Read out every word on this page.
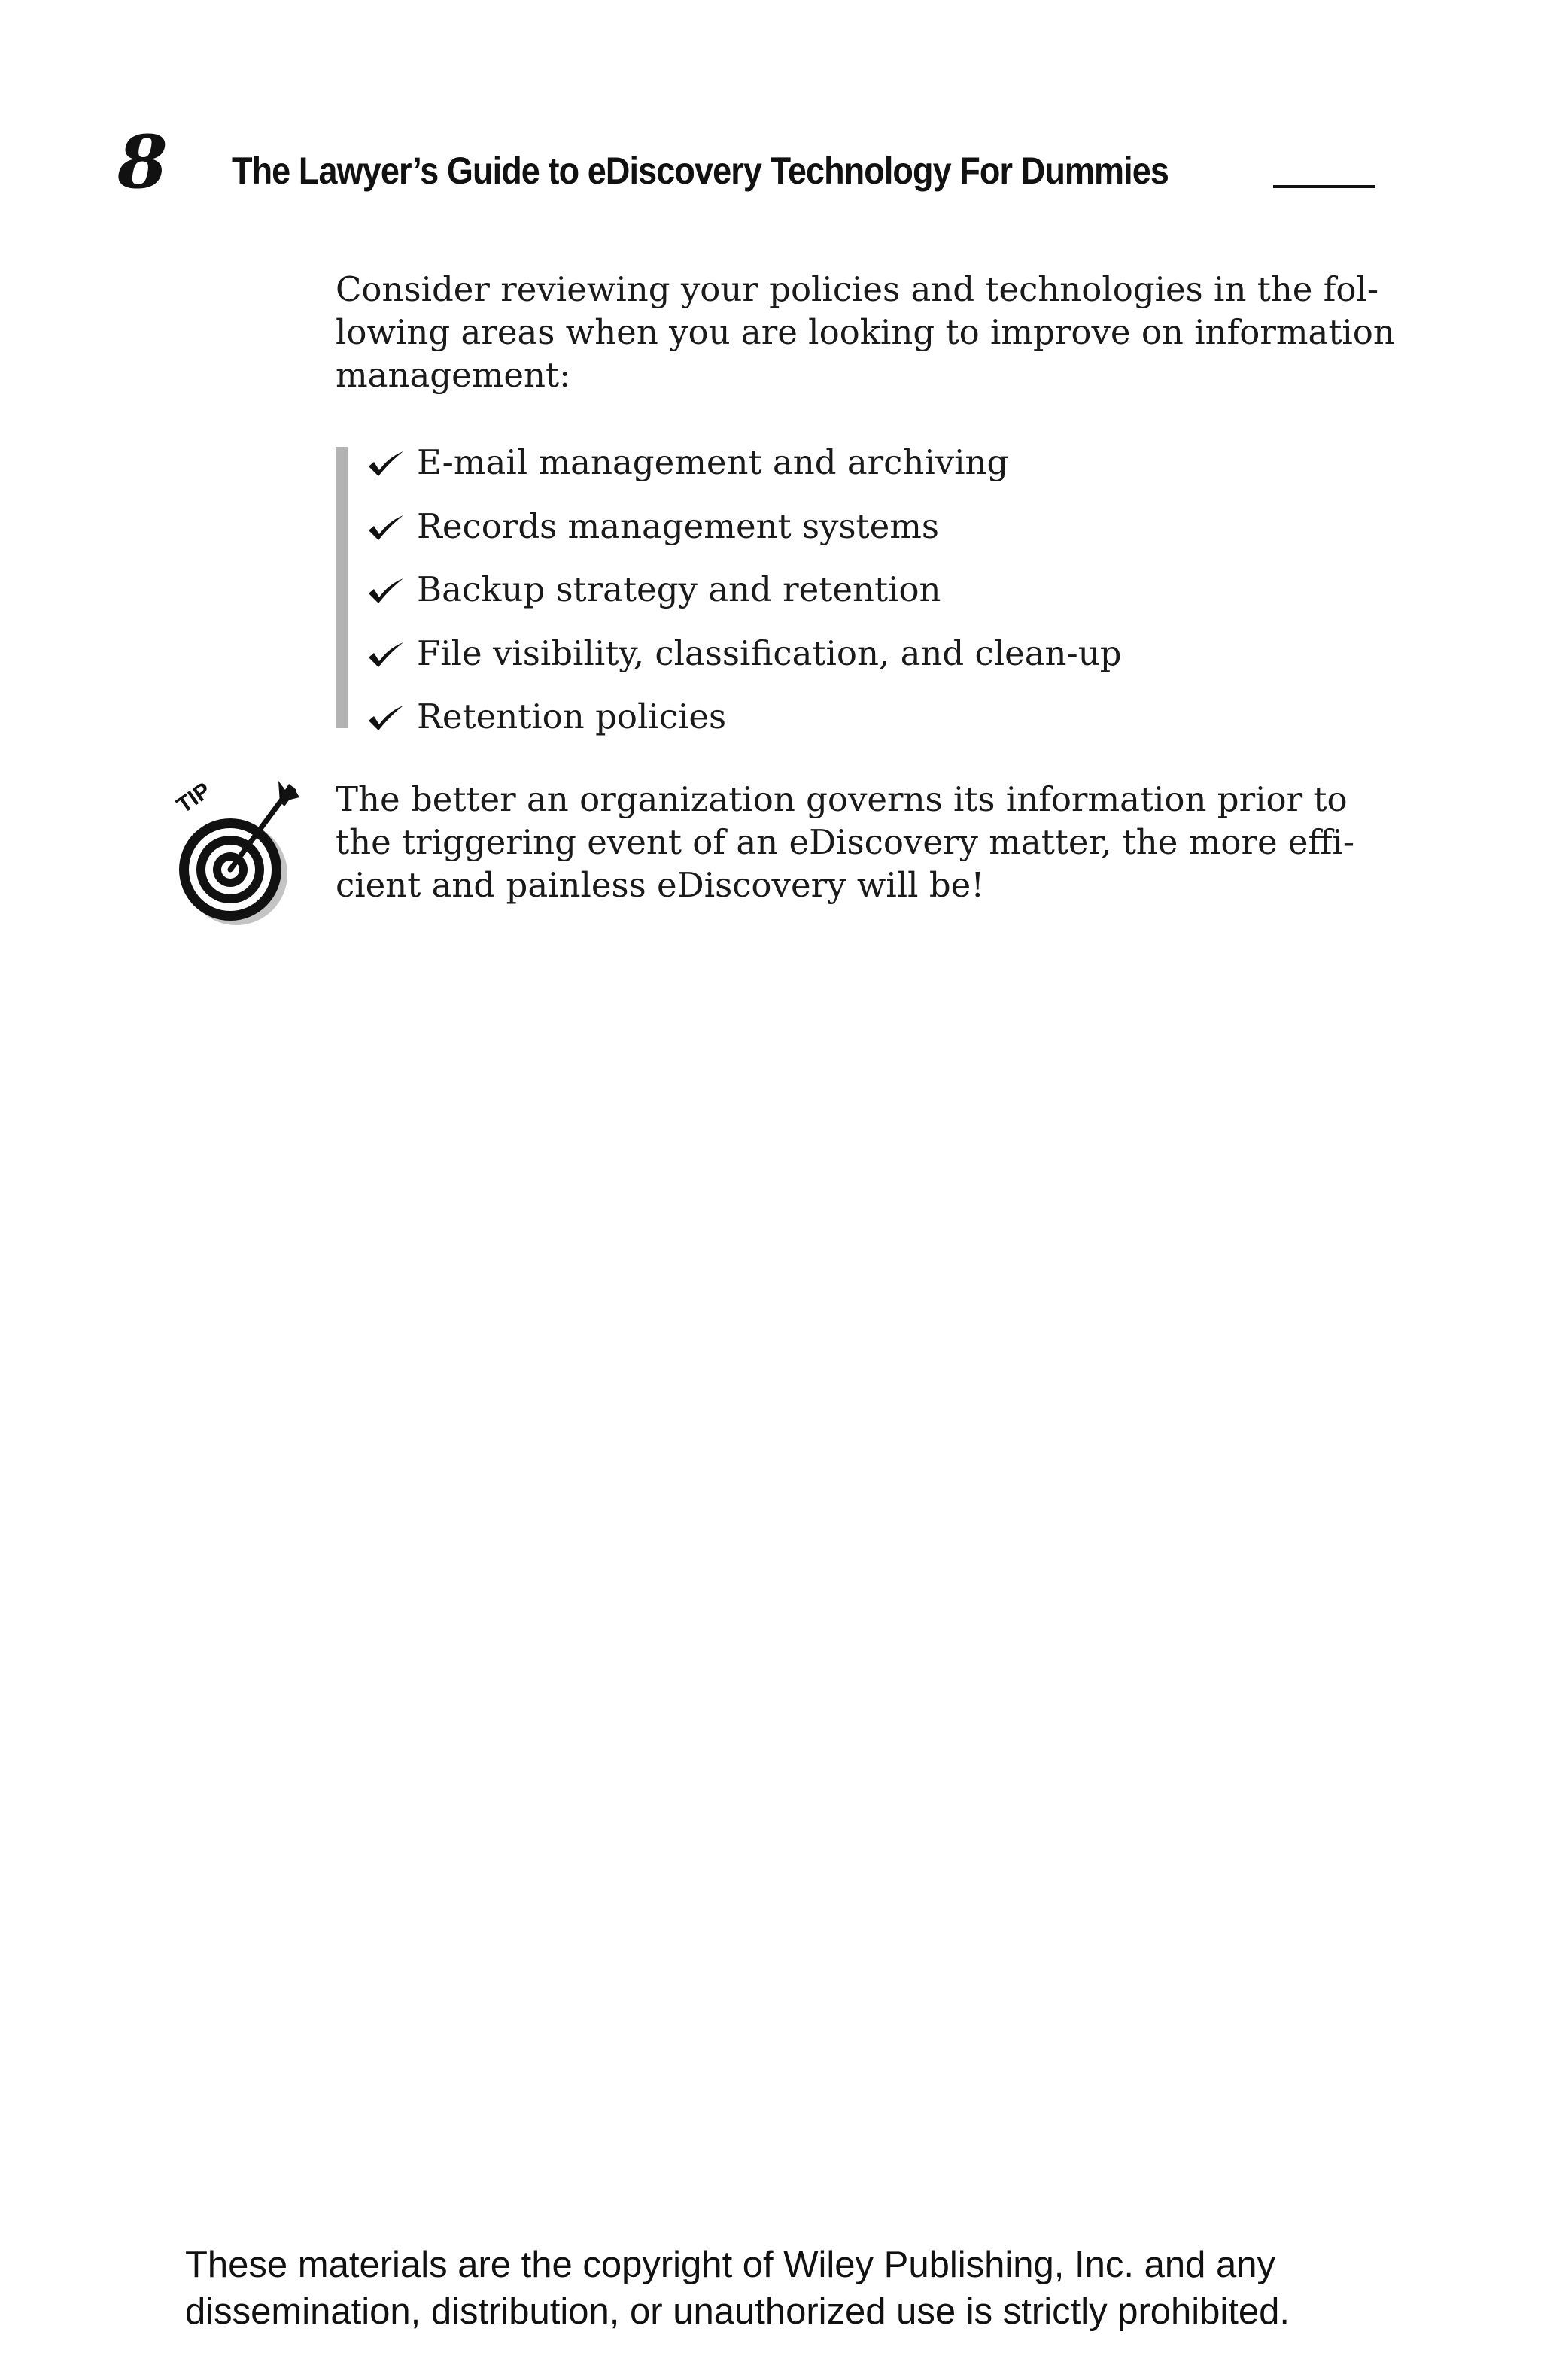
8 The Lawyer’s Guide to eDiscovery Technology For Dummies

Consider reviewing your policies and technologies in the fol-
lowing areas when you are looking to improve on information
management:

E-mail management and archiving
Records management systems
Backup strategy and retention
File visibility, classification, and clean-up
Retention policies
TIP	The better an organization governs its information prior to
the triggering event of an eDiscovery matter, the more effi-
cient and painless eDiscovery will be!

These materials are the copyright of Wiley Publishing, Inc. and any
dissemination, distribution, or unauthorized use is strictly prohibited.
